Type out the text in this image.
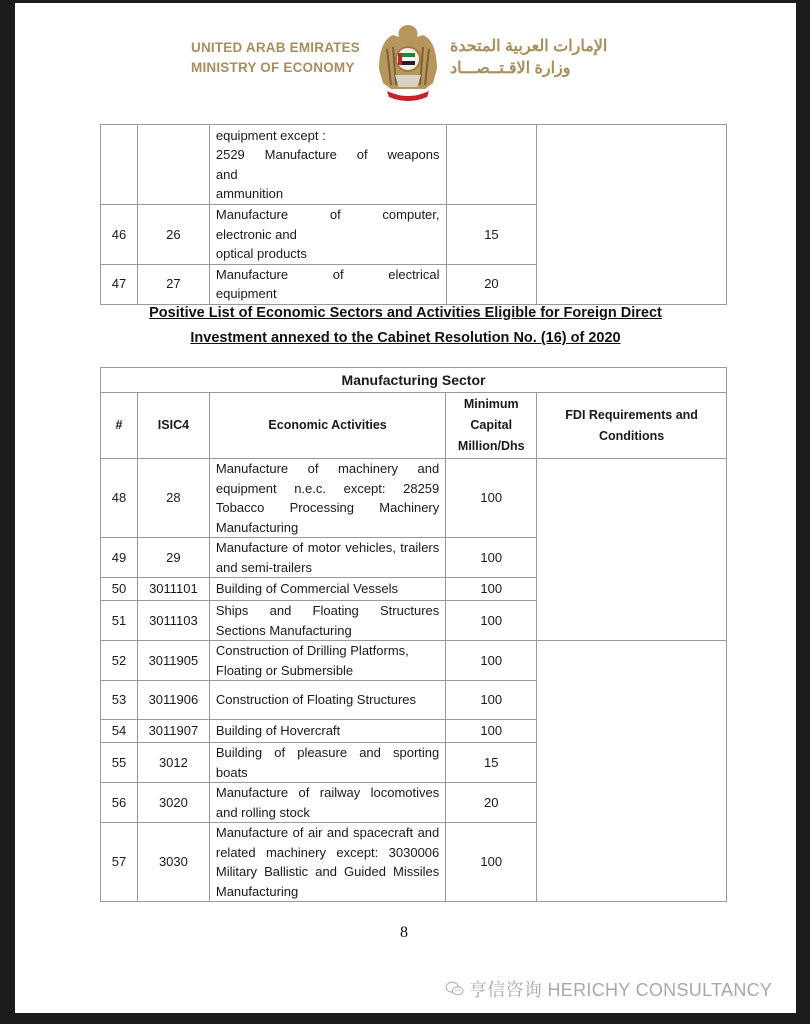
UNITED ARAB EMIRATES
MINISTRY OF ECONOMY
الإمارات العربية المتحدة
وزارة الاقـتــصـــاد

		equipment except :
2529 Manufacture of weapons
and
ammunition		

46	26	Manufacture of computer,
electronic and
optical products	15	
47	27	Manufacture of electrical
equipment	20	
Positive List of Economic Sectors and Activities Eligible for Foreign Direct
Investment annexed to the Cabinet Resolution No. (16) of 2020
Manufacturing Sector				
#	ISIC4	Economic Activities	Minimum Capital Million/Dhs	FDI Requirements and Conditions
48	28	Manufacture of machinery and equipment n.e.c. except: 28259 Tobacco Processing Machinery Manufacturing	100	
49	29	Manufacture of motor vehicles, trailers and semi-trailers	100	
50	3011101	Building of Commercial Vessels	100	
51	3011103	Ships and Floating Structures Sections Manufacturing	100	
52	3011905	Construction of Drilling Platforms, Floating or Submersible	100	
53	3011906	Construction of Floating Structures	100	
54	3011907	Building of Hovercraft	100	
55	3012	Building of pleasure and sporting boats	15	
56	3020	Manufacture of railway locomotives and rolling stock	20	
57	3030	Manufacture of air and spacecraft and related machinery except: 3030006 Military Ballistic and Guided Missiles Manufacturing	100	
8
亨信咨询 HERICHY CONSULTANCY
